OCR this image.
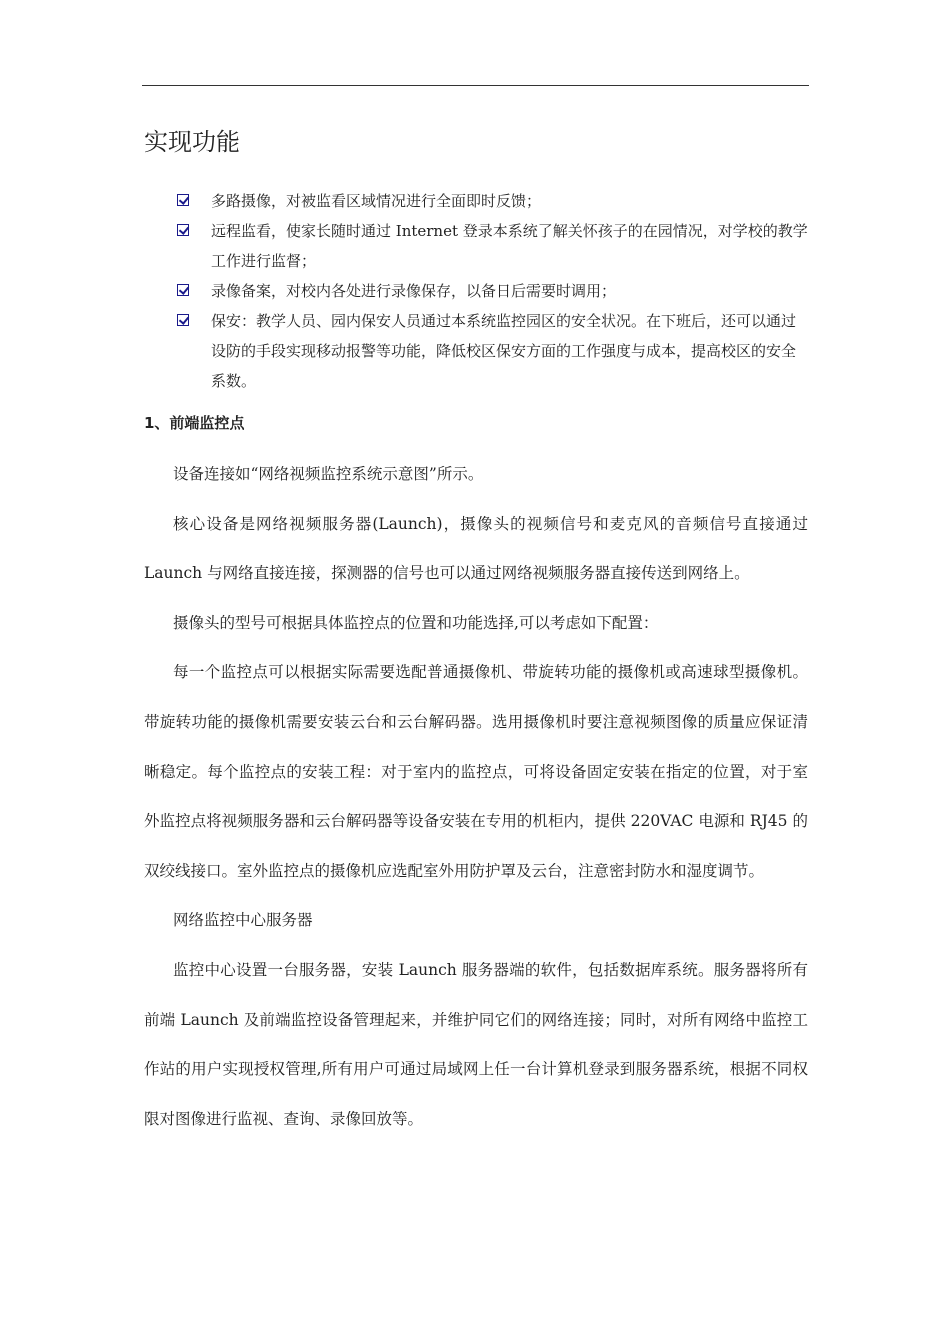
实现功能
多路摄像，对被监看区域情况进行全面即时反馈；
远程监看，使家长随时通过 Internet 登录本系统了解关怀孩子的在园情况，对学校的教学工作进行监督；
录像备案，对校内各处进行录像保存，以备日后需要时调用；
保安：教学人员、园内保安人员通过本系统监控园区的安全状况。在下班后，还可以通过设防的手段实现移动报警等功能，降低校区保安方面的工作强度与成本，提高校区的安全系数。
1、前端监控点

设备连接如“网络视频监控系统示意图”所示。

核心设备是网络视频服务器(Launch)，摄像头的视频信号和麦克风的音频信号直接通过 Launch 与网络直接连接，探测器的信号也可以通过网络视频服务器直接传送到网络上。

摄像头的型号可根据具体监控点的位置和功能选择,可以考虑如下配置：

每一个监控点可以根据实际需要选配普通摄像机、带旋转功能的摄像机或高速球型摄像机。带旋转功能的摄像机需要安装云台和云台解码器。选用摄像机时要注意视频图像的质量应保证清晰稳定。每个监控点的安装工程：对于室内的监控点，可将设备固定安装在指定的位置，对于室外监控点将视频服务器和云台解码器等设备安装在专用的机柜内，提供 220VAC 电源和 RJ45 的双绞线接口。室外监控点的摄像机应选配室外用防护罩及云台，注意密封防水和湿度调节。

网络监控中心服务器

监控中心设置一台服务器，安装 Launch 服务器端的软件，包括数据库系统。服务器将所有前端 Launch 及前端监控设备管理起来，并维护同它们的网络连接；同时，对所有网络中监控工作站的用户实现授权管理,所有用户可通过局域网上任一台计算机登录到服务器系统，根据不同权限对图像进行监视、查询、录像回放等。
